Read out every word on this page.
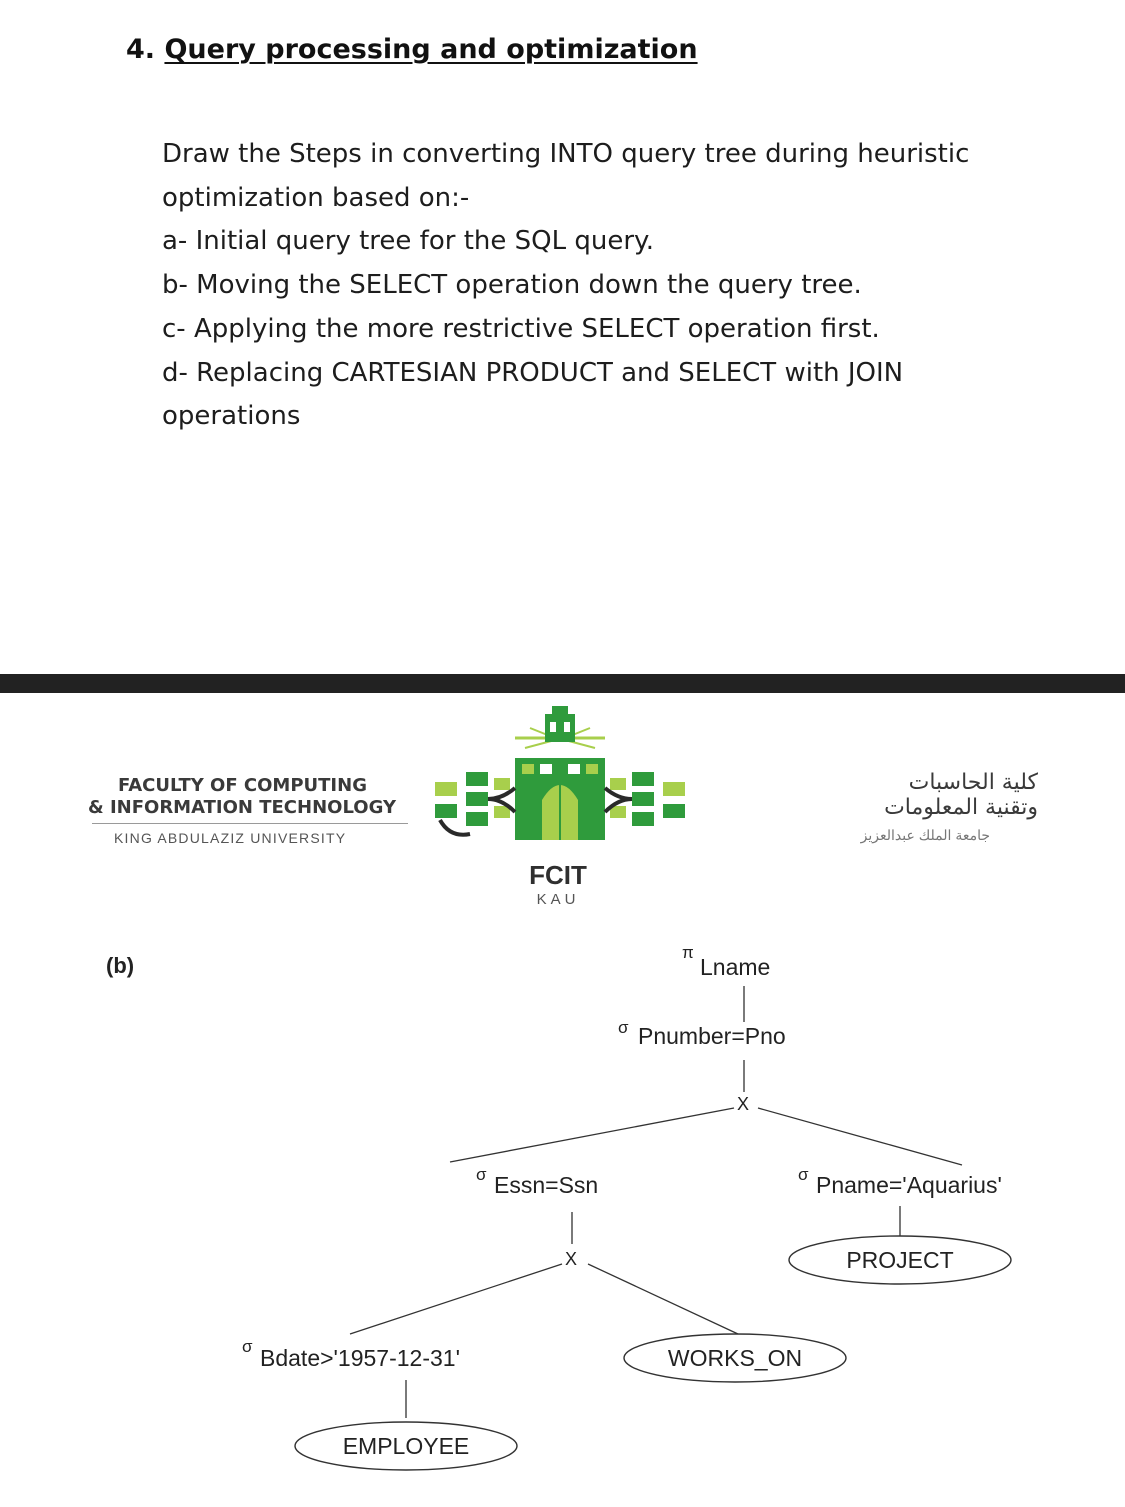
4. Query processing and optimization
Draw the Steps in converting INTO query tree during heuristic
optimization based on:-
a- Initial query tree for the SQL query.
b- Moving the SELECT operation down the query tree.
c- Applying the more restrictive SELECT operation first.
d- Replacing CARTESIAN PRODUCT and SELECT with JOIN
operations
FACULTY OF COMPUTING
& INFORMATION TECHNOLOGY
KING ABDULAZIZ UNIVERSITY
كلية الحاسبات
وتقنية المعلومات
جامعة الملك عبدالعزيز
FCIT
KAU
(b)
π
Lname
σ Pnumber=Pno
X
σ Essn=Ssn	σ Pname='Aquarius'
X
σ Bdate>'1957-12-31'
PROJECT
WORKS_ON
EMPLOYEE
